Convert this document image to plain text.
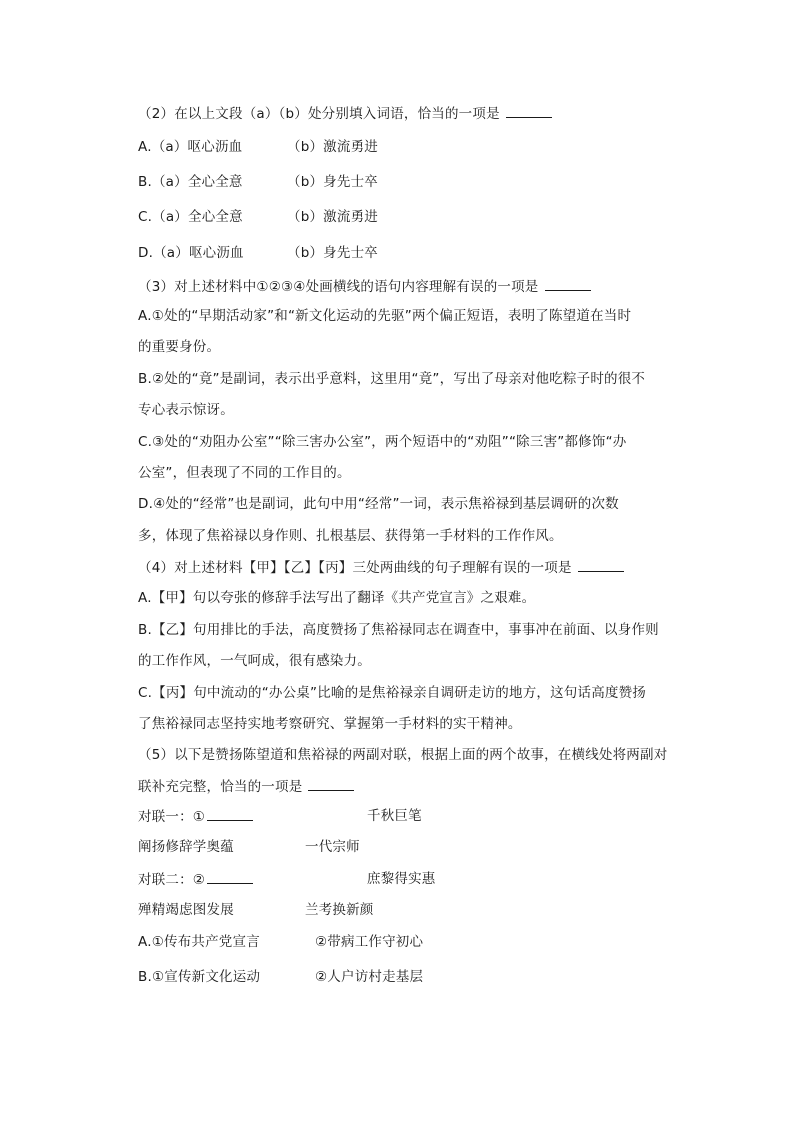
（2）在以上文段（a）（b）处分别填入词语，恰当的一项是
A.（a）呕心沥血	（b）激流勇进
B.（a）全心全意	（b）身先士卒
C.（a）全心全意	（b）激流勇进
D.（a）呕心沥血	（b）身先士卒
（3）对上述材料中①②③④处画横线的语句内容理解有误的一项是
A.①处的“早期活动家”和“新文化运动的先驱”两个偏正短语，表明了陈望道在当时
的重要身份。
B.②处的“竟”是副词，表示出乎意料，这里用“竟”，写出了母亲对他吃粽子时的很不
专心表示惊讶。
C.③处的“劝阻办公室”“除三害办公室”，两个短语中的“劝阻”“除三害”都修饰“办
公室”，但表现了不同的工作目的。
D.④处的“经常”也是副词，此句中用“经常”一词，表示焦裕禄到基层调研的次数
多，体现了焦裕禄以身作则、扎根基层、获得第一手材料的工作作风。
（4）对上述材料【甲】【乙】【丙】三处两曲线的句子理解有误的一项是
A.【甲】句以夸张的修辞手法写出了翻译《共产党宣言》之艰难。
B.【乙】句用排比的手法，高度赞扬了焦裕禄同志在调查中，事事冲在前面、以身作则
的工作作风，一气呵成，很有感染力。
C.【丙】句中流动的“办公桌”比喻的是焦裕禄亲自调研走访的地方，这句话高度赞扬
了焦裕禄同志坚持实地考察研究、掌握第一手材料的实干精神。
（5）以下是赞扬陈望道和焦裕禄的两副对联，根据上面的两个故事，在横线处将两副对
联补充完整，恰当的一项是
对联一：①	千秋巨笔
阐扬修辞学奥蕴	一代宗师
对联二：②	庶黎得实惠
殚精竭虑图发展	兰考换新颜
A.①传布共产党宣言	②带病工作守初心
B.①宣传新文化运动	②人户访村走基层
